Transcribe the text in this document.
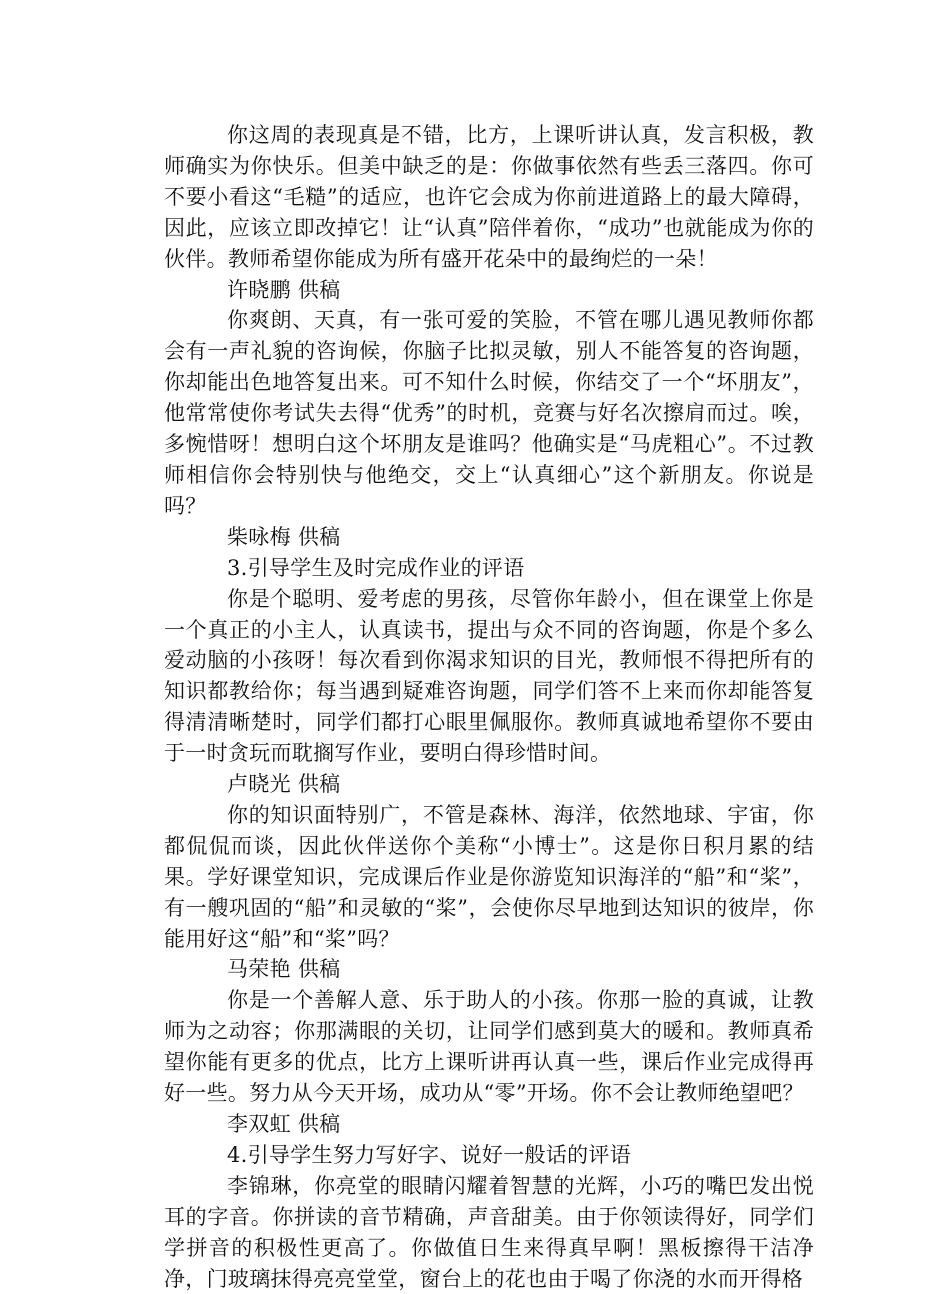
你这周的表现真是不错，比方，上课听讲认真，发言积极，教师确实为你快乐。但美中缺乏的是：你做事依然有些丢三落四。你可不要小看这“毛糙”的适应，也许它会成为你前进道路上的最大障碍，因此，应该立即改掉它！让“认真”陪伴着你，“成功”也就能成为你的伙伴。教师希望你能成为所有盛开花朵中的最绚烂的一朵！

许晓鹏 供稿

你爽朗、天真，有一张可爱的笑脸，不管在哪儿遇见教师你都会有一声礼貌的咨询候，你脑子比拟灵敏，别人不能答复的咨询题，你却能出色地答复出来。可不知什么时候，你结交了一个“坏朋友”，他常常使你考试失去得“优秀”的时机，竞赛与好名次擦肩而过。唉，多惋惜呀！想明白这个坏朋友是谁吗？他确实是“马虎粗心”。不过教师相信你会特别快与他绝交，交上“认真细心”这个新朋友。你说是吗？

柴咏梅 供稿

3.引导学生及时完成作业的评语

你是个聪明、爱考虑的男孩，尽管你年龄小，但在课堂上你是一个真正的小主人，认真读书，提出与众不同的咨询题，你是个多么爱动脑的小孩呀！每次看到你渴求知识的目光，教师恨不得把所有的知识都教给你；每当遇到疑难咨询题，同学们答不上来而你却能答复得清清晰楚时，同学们都打心眼里佩服你。教师真诚地希望你不要由于一时贪玩而耽搁写作业，要明白得珍惜时间。

卢晓光 供稿

你的知识面特别广，不管是森林、海洋，依然地球、宇宙，你都侃侃而谈，因此伙伴送你个美称“小博士”。这是你日积月累的结果。学好课堂知识，完成课后作业是你游览知识海洋的“船”和“桨”，有一艘巩固的“船”和灵敏的“桨”，会使你尽早地到达知识的彼岸，你能用好这“船”和“桨”吗？

马荣艳 供稿

你是一个善解人意、乐于助人的小孩。你那一脸的真诚，让教师为之动容；你那满眼的关切，让同学们感到莫大的暖和。教师真希望你能有更多的优点，比方上课听讲再认真一些，课后作业完成得再好一些。努力从今天开场，成功从“零”开场。你不会让教师绝望吧？

李双虹 供稿

4.引导学生努力写好字、说好一般话的评语

李锦琳，你亮堂的眼睛闪耀着智慧的光辉，小巧的嘴巴发出悦耳的字音。你拼读的音节精确，声音甜美。由于你领读得好，同学们学拼音的积极性更高了。你做值日生来得真早啊！黑板擦得干洁净净，门玻璃抹得亮亮堂堂，窗台上的花也由于喝了你浇的水而开得格
